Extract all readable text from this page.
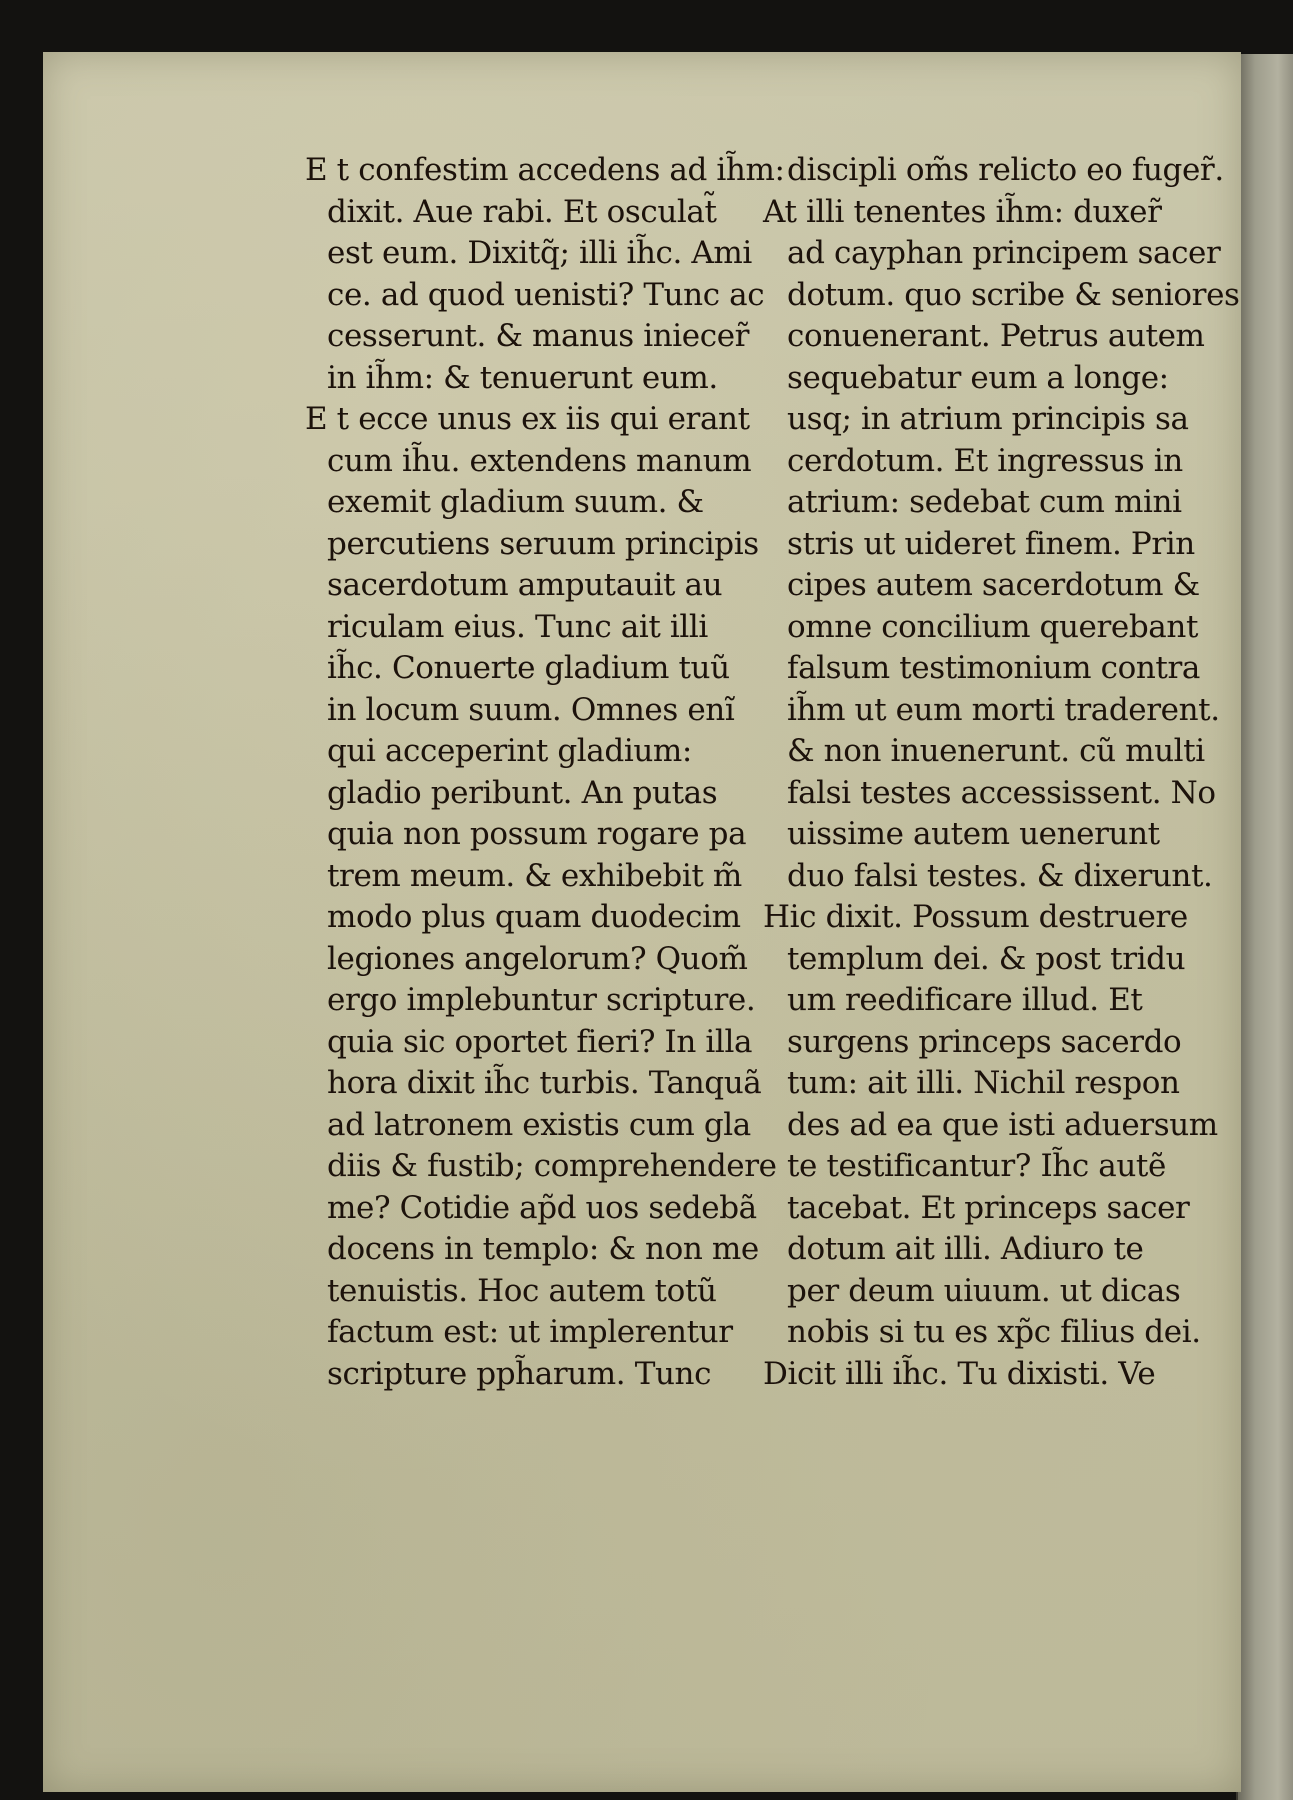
E t confestim accedens ad ih̃m:
dixit. Aue rabi. Et osculat̃
est eum. Dixitq̃; illi ih̃c. Ami
ce. ad quod uenisti? Tunc ac
cesserunt. & manus iniecer̃
in ih̃m: & tenuerunt eum.
E t ecce unus ex iis qui erant
cum ih̃u. extendens manum
exemit gladium suum. &
percutiens seruum principis
sacerdotum amputauit au
riculam eius. Tunc ait illi
ih̃c. Conuerte gladium tuũ
in locum suum. Omnes enĩ
qui acceperint gladium:
gladio peribunt. An putas
quia non possum rogare pa
trem meum. & exhibebit m̃
modo plus quam duodecim
legiones angelorum? Quom̃
ergo implebuntur scripture.
quia sic oportet fieri? In illa
hora dixit ih̃c turbis. Tanquã
ad latronem existis cum gla
diis & fustib; comprehendere
me? Cotidie ap̃d uos sedebã
docens in templo: & non me
tenuistis. Hoc autem totũ
factum est: ut implerentur
scripture pph̃arum. Tunc
discipli om̃s relicto eo fuger̃.
At illi tenentes ih̃m: duxer̃
ad cayphan principem sacer
dotum. quo scribe & seniores
conuenerant. Petrus autem
sequebatur eum a longe:
usq; in atrium principis sa
cerdotum. Et ingressus in
atrium: sedebat cum mini
stris ut uideret finem. Prin
cipes autem sacerdotum &
omne concilium querebant
falsum testimonium contra
ih̃m ut eum morti traderent.
& non inuenerunt. cũ multi
falsi testes accessissent. No
uissime autem uenerunt
duo falsi testes. & dixerunt.
Hic dixit. Possum destruere
templum dei. & post tridu
um reedificare illud. Et
surgens princeps sacerdo
tum: ait illi. Nichil respon
des ad ea que isti aduersum
te testificantur? Ih̃c autẽ
tacebat. Et princeps sacer
dotum ait illi. Adiuro te
per deum uiuum. ut dicas
nobis si tu es xp̃c filius dei.
Dicit illi ih̃c. Tu dixisti. Ve
